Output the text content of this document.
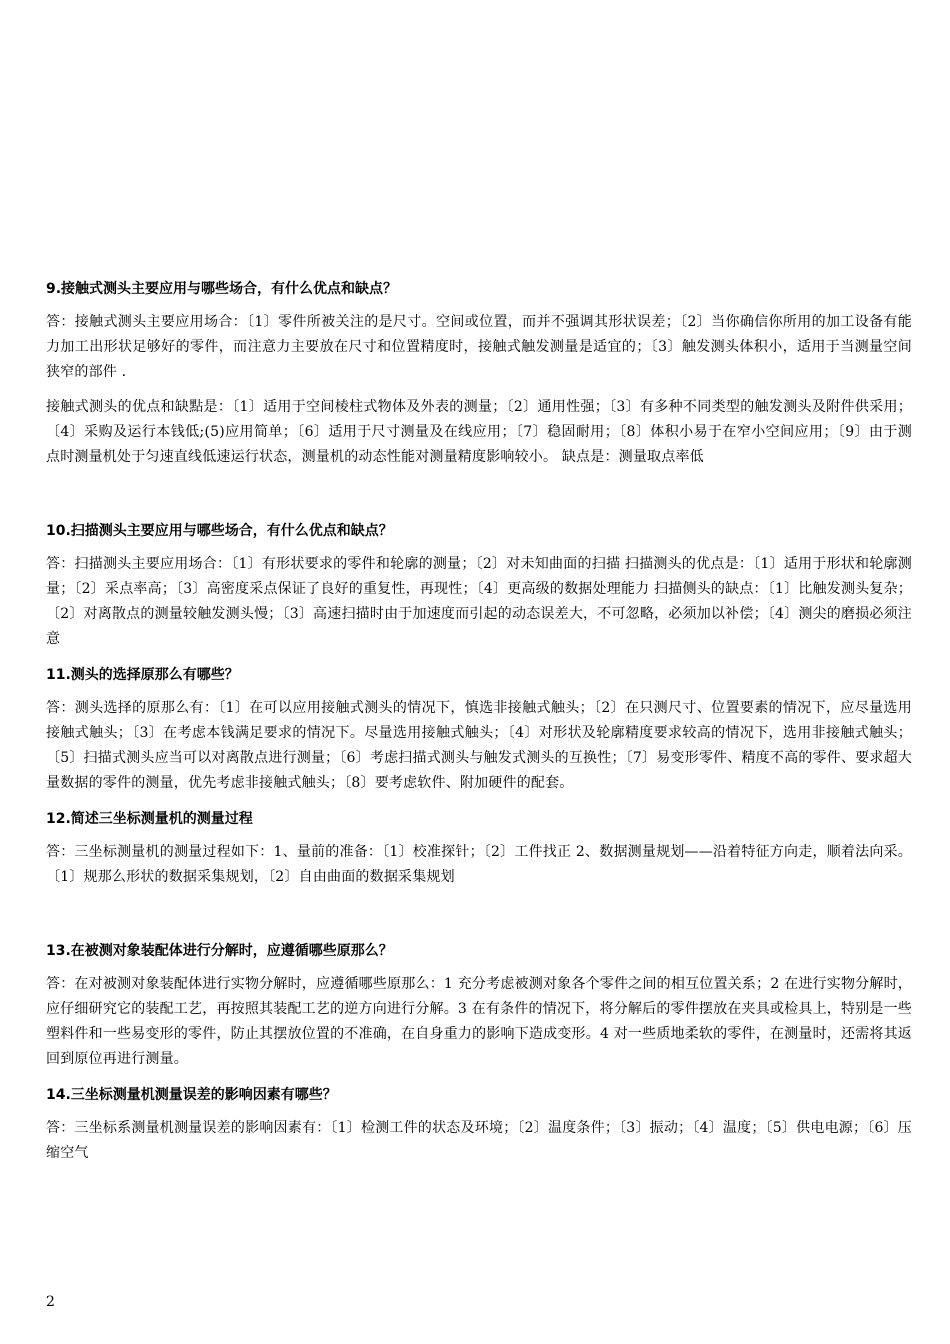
9.接触式测头主要应用与哪些场合，有什么优点和缺点？

答：接触式测头主要应用场合：〔1〕零件所被关注的是尺寸。空间或位置，而并不强调其形状误差；〔2〕当你确信你所用的加工设备有能力加工出形状足够好的零件，而注意力主要放在尺寸和位置精度时，接触式触发测量是适宜的；〔3〕触发测头体积小，适用于当测量空间狭窄的部件 .

接触式测头的优点和缺點是：〔1〕适用于空间棱柱式物体及外表的测量；〔2〕通用性强；〔3〕有多种不同类型的触发测头及附件供采用；〔4〕采购及运行本钱低;(5)应用简单；〔6〕适用于尺寸测量及在线应用；〔7〕稳固耐用；〔8〕体积小易于在窄小空间应用；〔9〕由于测点时测量机处于匀速直线低速运行状态，测量机的动态性能对测量精度影响较小。 缺点是：测量取点率低

10.扫描测头主要应用与哪些场合，有什么优点和缺点？

答：扫描测头主要应用场合：〔1〕有形状要求的零件和轮廓的测量；〔2〕对未知曲面的扫描 扫描测头的优点是：〔1〕适用于形状和轮廓测量；〔2〕采点率高；〔3〕高密度采点保证了良好的重复性，再现性；〔4〕更高级的数据处理能力 扫描侧头的缺点：〔1〕比触发测头复杂；〔2〕对离散点的测量较触发测头慢；〔3〕高速扫描时由于加速度而引起的动态误差大，不可忽略，必须加以补偿；〔4〕测尖的磨损必须注意

11.测头的选择原那么有哪些？

答：测头选择的原那么有：〔1〕在可以应用接触式测头的情况下，慎选非接触式触头；〔2〕在只测尺寸、位置要素的情况下，应尽量选用接触式触头；〔3〕在考虑本钱满足要求的情况下。尽量选用接触式触头；〔4〕对形状及轮廓精度要求较高的情况下，选用非接触式触头；〔5〕扫描式测头应当可以对离散点进行测量；〔6〕考虑扫描式测头与触发式测头的互换性；〔7〕易变形零件、精度不高的零件、要求超大量数据的零件的测量，优先考虑非接触式触头；〔8〕要考虑软件、附加硬件的配套。

12.简述三坐标测量机的测量过程

答：三坐标测量机的测量过程如下：1、量前的准备：〔1〕校准探针；〔2〕工件找正 2、数据测量规划——沿着特征方向走，顺着法向采。〔1〕规那么形状的数据采集规划，〔2〕自由曲面的数据采集规划

13.在被测对象装配体进行分解时，应遵循哪些原那么？

答：在对被测对象装配体进行实物分解时，应遵循哪些原那么：1 充分考虑被测对象各个零件之间的相互位置关系；2 在进行实物分解时，应仔细研究它的装配工艺，再按照其装配工艺的逆方向进行分解。3 在有条件的情况下，将分解后的零件摆放在夹具或检具上，特别是一些塑料件和一些易变形的零件，防止其摆放位置的不准确，在自身重力的影响下造成变形。4 对一些质地柔软的零件，在测量时，还需将其返回到原位再进行测量。

14.三坐标测量机测量误差的影响因素有哪些？

答：三坐标系测量机测量误差的影响因素有：〔1〕检测工件的状态及环境；〔2〕温度条件；〔3〕振动；〔4〕温度；〔5〕供电电源；〔6〕压缩空气

2
